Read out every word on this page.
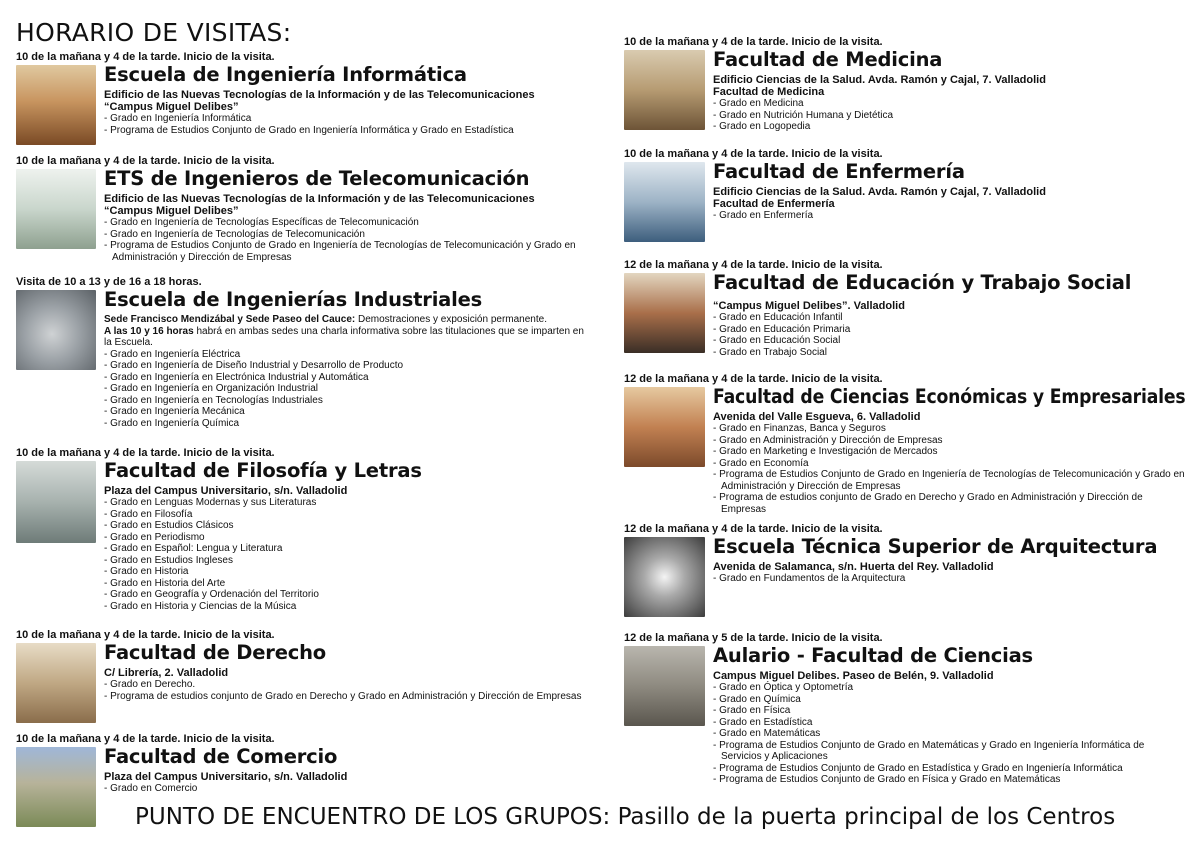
HORARIO DE VISITAS:
10 de la mañana y 4 de la tarde. Inicio de la visita.
Escuela de Ingeniería Informática
Edificio de las Nuevas Tecnologías de la Información y de las Telecomunicaciones
“Campus Miguel Delibes”
- Grado en Ingeniería Informática
- Programa de Estudios Conjunto de Grado en Ingeniería Informática y Grado en Estadística
10 de la mañana y 4 de la tarde. Inicio de la visita.
ETS de Ingenieros de Telecomunicación
Edificio de las Nuevas Tecnologías de la Información y de las Telecomunicaciones
“Campus Miguel Delibes”
- Grado en Ingeniería de Tecnologías Específicas de Telecomunicación
- Grado en Ingeniería de Tecnologías de Telecomunicación
- Programa de Estudios Conjunto de Grado en Ingeniería de Tecnologías de Telecomunicación y Grado en Administración y Dirección de Empresas
Visita de 10 a 13 y de 16 a 18 horas.
Escuela de Ingenierías Industriales
Sede Francisco Mendizábal y Sede Paseo del Cauce: Demostraciones y exposición permanente.
A las 10 y 16 horas habrá en ambas sedes una charla informativa sobre las titulaciones que se imparten en la Escuela.
- Grado en Ingeniería Eléctrica
- Grado en Ingeniería de Diseño Industrial y Desarrollo de Producto
- Grado en Ingeniería en Electrónica Industrial y Automática
- Grado en Ingeniería en Organización Industrial
- Grado en Ingeniería en Tecnologías Industriales
- Grado en Ingeniería Mecánica
- Grado en Ingeniería Química
10 de la mañana y 4 de la tarde. Inicio de la visita.
Facultad de Filosofía y Letras
Plaza del Campus Universitario, s/n. Valladolid
- Grado en Lenguas Modernas y sus Literaturas
- Grado en Filosofía
- Grado en Estudios Clásicos
- Grado en Periodismo
- Grado en Español: Lengua y Literatura
- Grado en Estudios Ingleses
- Grado en Historia
- Grado en Historia del Arte
- Grado en Geografía y Ordenación del Territorio
- Grado en Historia y Ciencias de la Música
10 de la mañana y 4 de la tarde. Inicio de la visita.
Facultad de Derecho
C/ Librería, 2. Valladolid
- Grado en Derecho.
- Programa de estudios conjunto de Grado en Derecho y Grado en Administración y Dirección de Empresas
10 de la mañana y 4 de la tarde. Inicio de la visita.
Facultad de Comercio
Plaza del Campus Universitario, s/n. Valladolid
- Grado en Comercio
10 de la mañana y 4 de la tarde. Inicio de la visita.
Facultad de Medicina
Edificio Ciencias de la Salud. Avda. Ramón y Cajal, 7. Valladolid
Facultad de Medicina
- Grado en Medicina
- Grado en Nutrición Humana y Dietética
- Grado en Logopedia
10 de la mañana y 4 de la tarde. Inicio de la visita.
Facultad de Enfermería
Edificio Ciencias de la Salud. Avda. Ramón y Cajal, 7. Valladolid
Facultad de Enfermería
- Grado en Enfermería
12 de la mañana y 4 de la tarde. Inicio de la visita.
Facultad de Educación y Trabajo Social
“Campus Miguel Delibes”. Valladolid
- Grado en Educación Infantil
- Grado en Educación Primaria
- Grado en Educación Social
- Grado en Trabajo Social
12 de la mañana y 4 de la tarde. Inicio de la visita.
Facultad de Ciencias Económicas y Empresariales
Avenida del Valle Esgueva, 6. Valladolid
- Grado en Finanzas, Banca y Seguros
- Grado en Administración y Dirección de Empresas
- Grado en Marketing e Investigación de Mercados
- Grado en Economía
- Programa de Estudios Conjunto de Grado en Ingeniería de Tecnologías de Telecomunicación y Grado en Administración y Dirección de Empresas
- Programa de estudios conjunto de Grado en Derecho y Grado en Administración y Dirección de Empresas
12 de la mañana y 4 de la tarde. Inicio de la visita.
Escuela Técnica Superior de Arquitectura
Avenida de Salamanca, s/n. Huerta del Rey. Valladolid
- Grado en Fundamentos de la Arquitectura
12 de la mañana y 5 de la tarde. Inicio de la visita.
Aulario - Facultad de Ciencias
Campus Miguel Delibes. Paseo de Belén, 9. Valladolid
- Grado en Óptica y Optometría
- Grado en Química
- Grado en Física
- Grado en Estadística
- Grado en Matemáticas
- Programa de Estudios Conjunto de Grado en Matemáticas y Grado en Ingeniería Informática de Servicios y Aplicaciones
- Programa de Estudios Conjunto de Grado en Estadística y Grado en Ingeniería Informática
- Programa de Estudios Conjunto de Grado en Física y Grado en Matemáticas
PUNTO DE ENCUENTRO DE LOS GRUPOS: Pasillo de la puerta principal de los Centros
